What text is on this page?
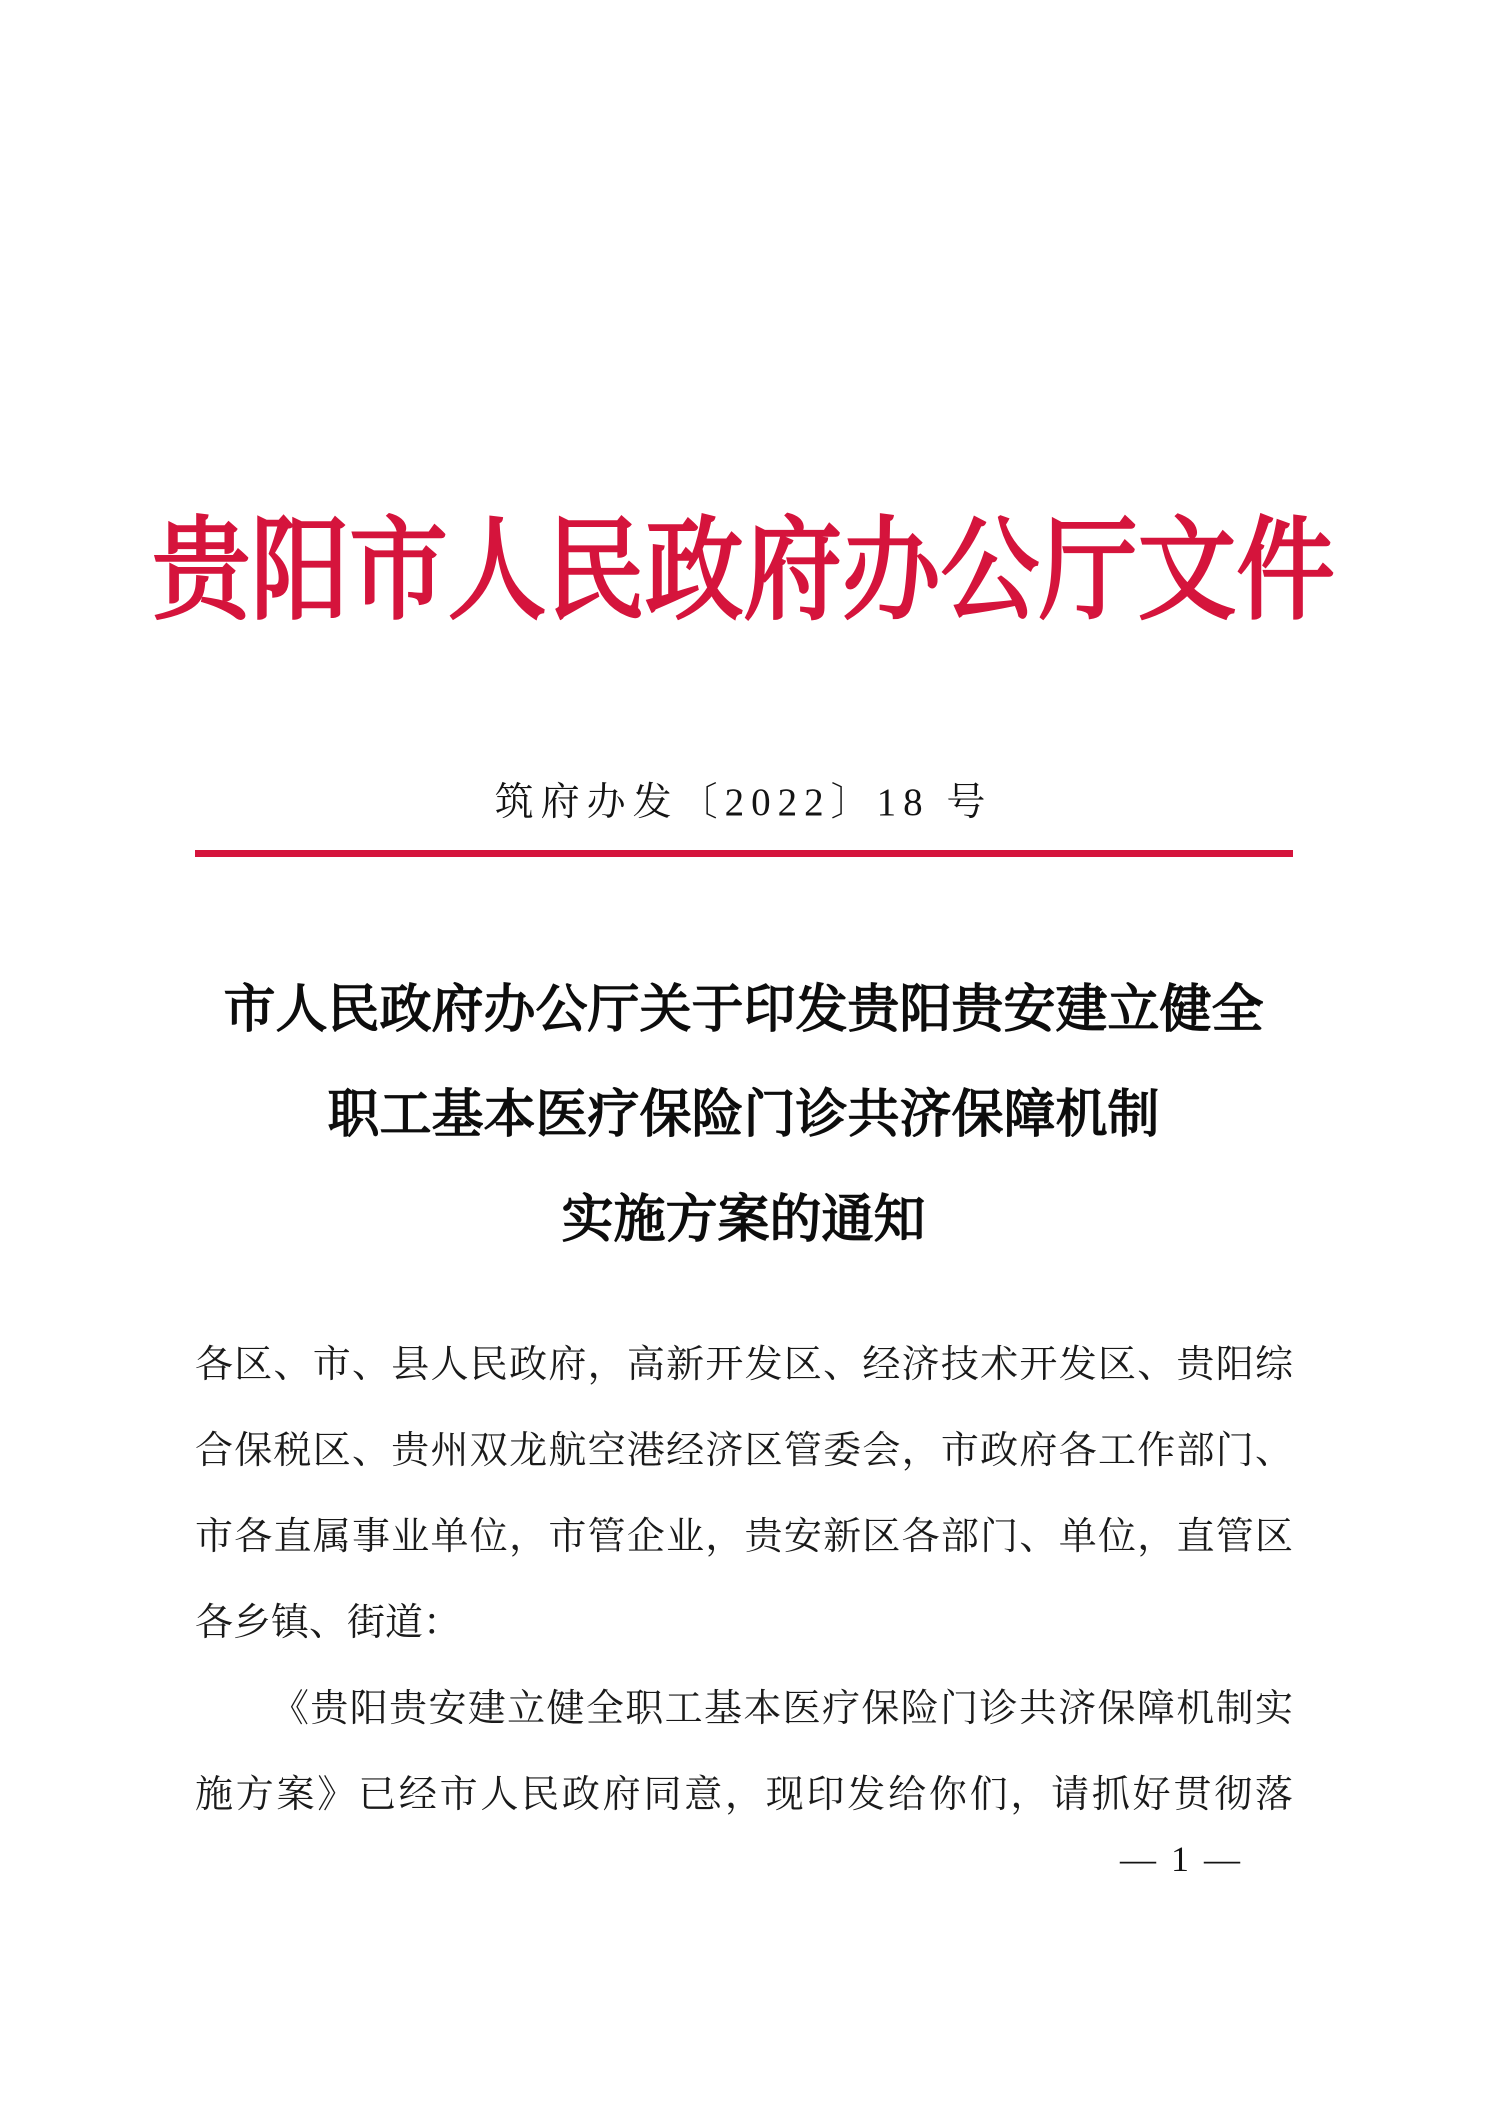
贵阳市人民政府办公厅文件
筑府办发〔2022〕18 号
市人民政府办公厅关于印发贵阳贵安建立健全
职工基本医疗保险门诊共济保障机制
实施方案的通知
各区、市、县人民政府，高新开发区、经济技术开发区、贵阳综
合保税区、贵州双龙航空港经济区管委会，市政府各工作部门、
市各直属事业单位，市管企业，贵安新区各部门、单位，直管区
各乡镇、街道：
《贵阳贵安建立健全职工基本医疗保险门诊共济保障机制实
施方案》已经市人民政府同意，现印发给你们，请抓好贯彻落
— 1 —
